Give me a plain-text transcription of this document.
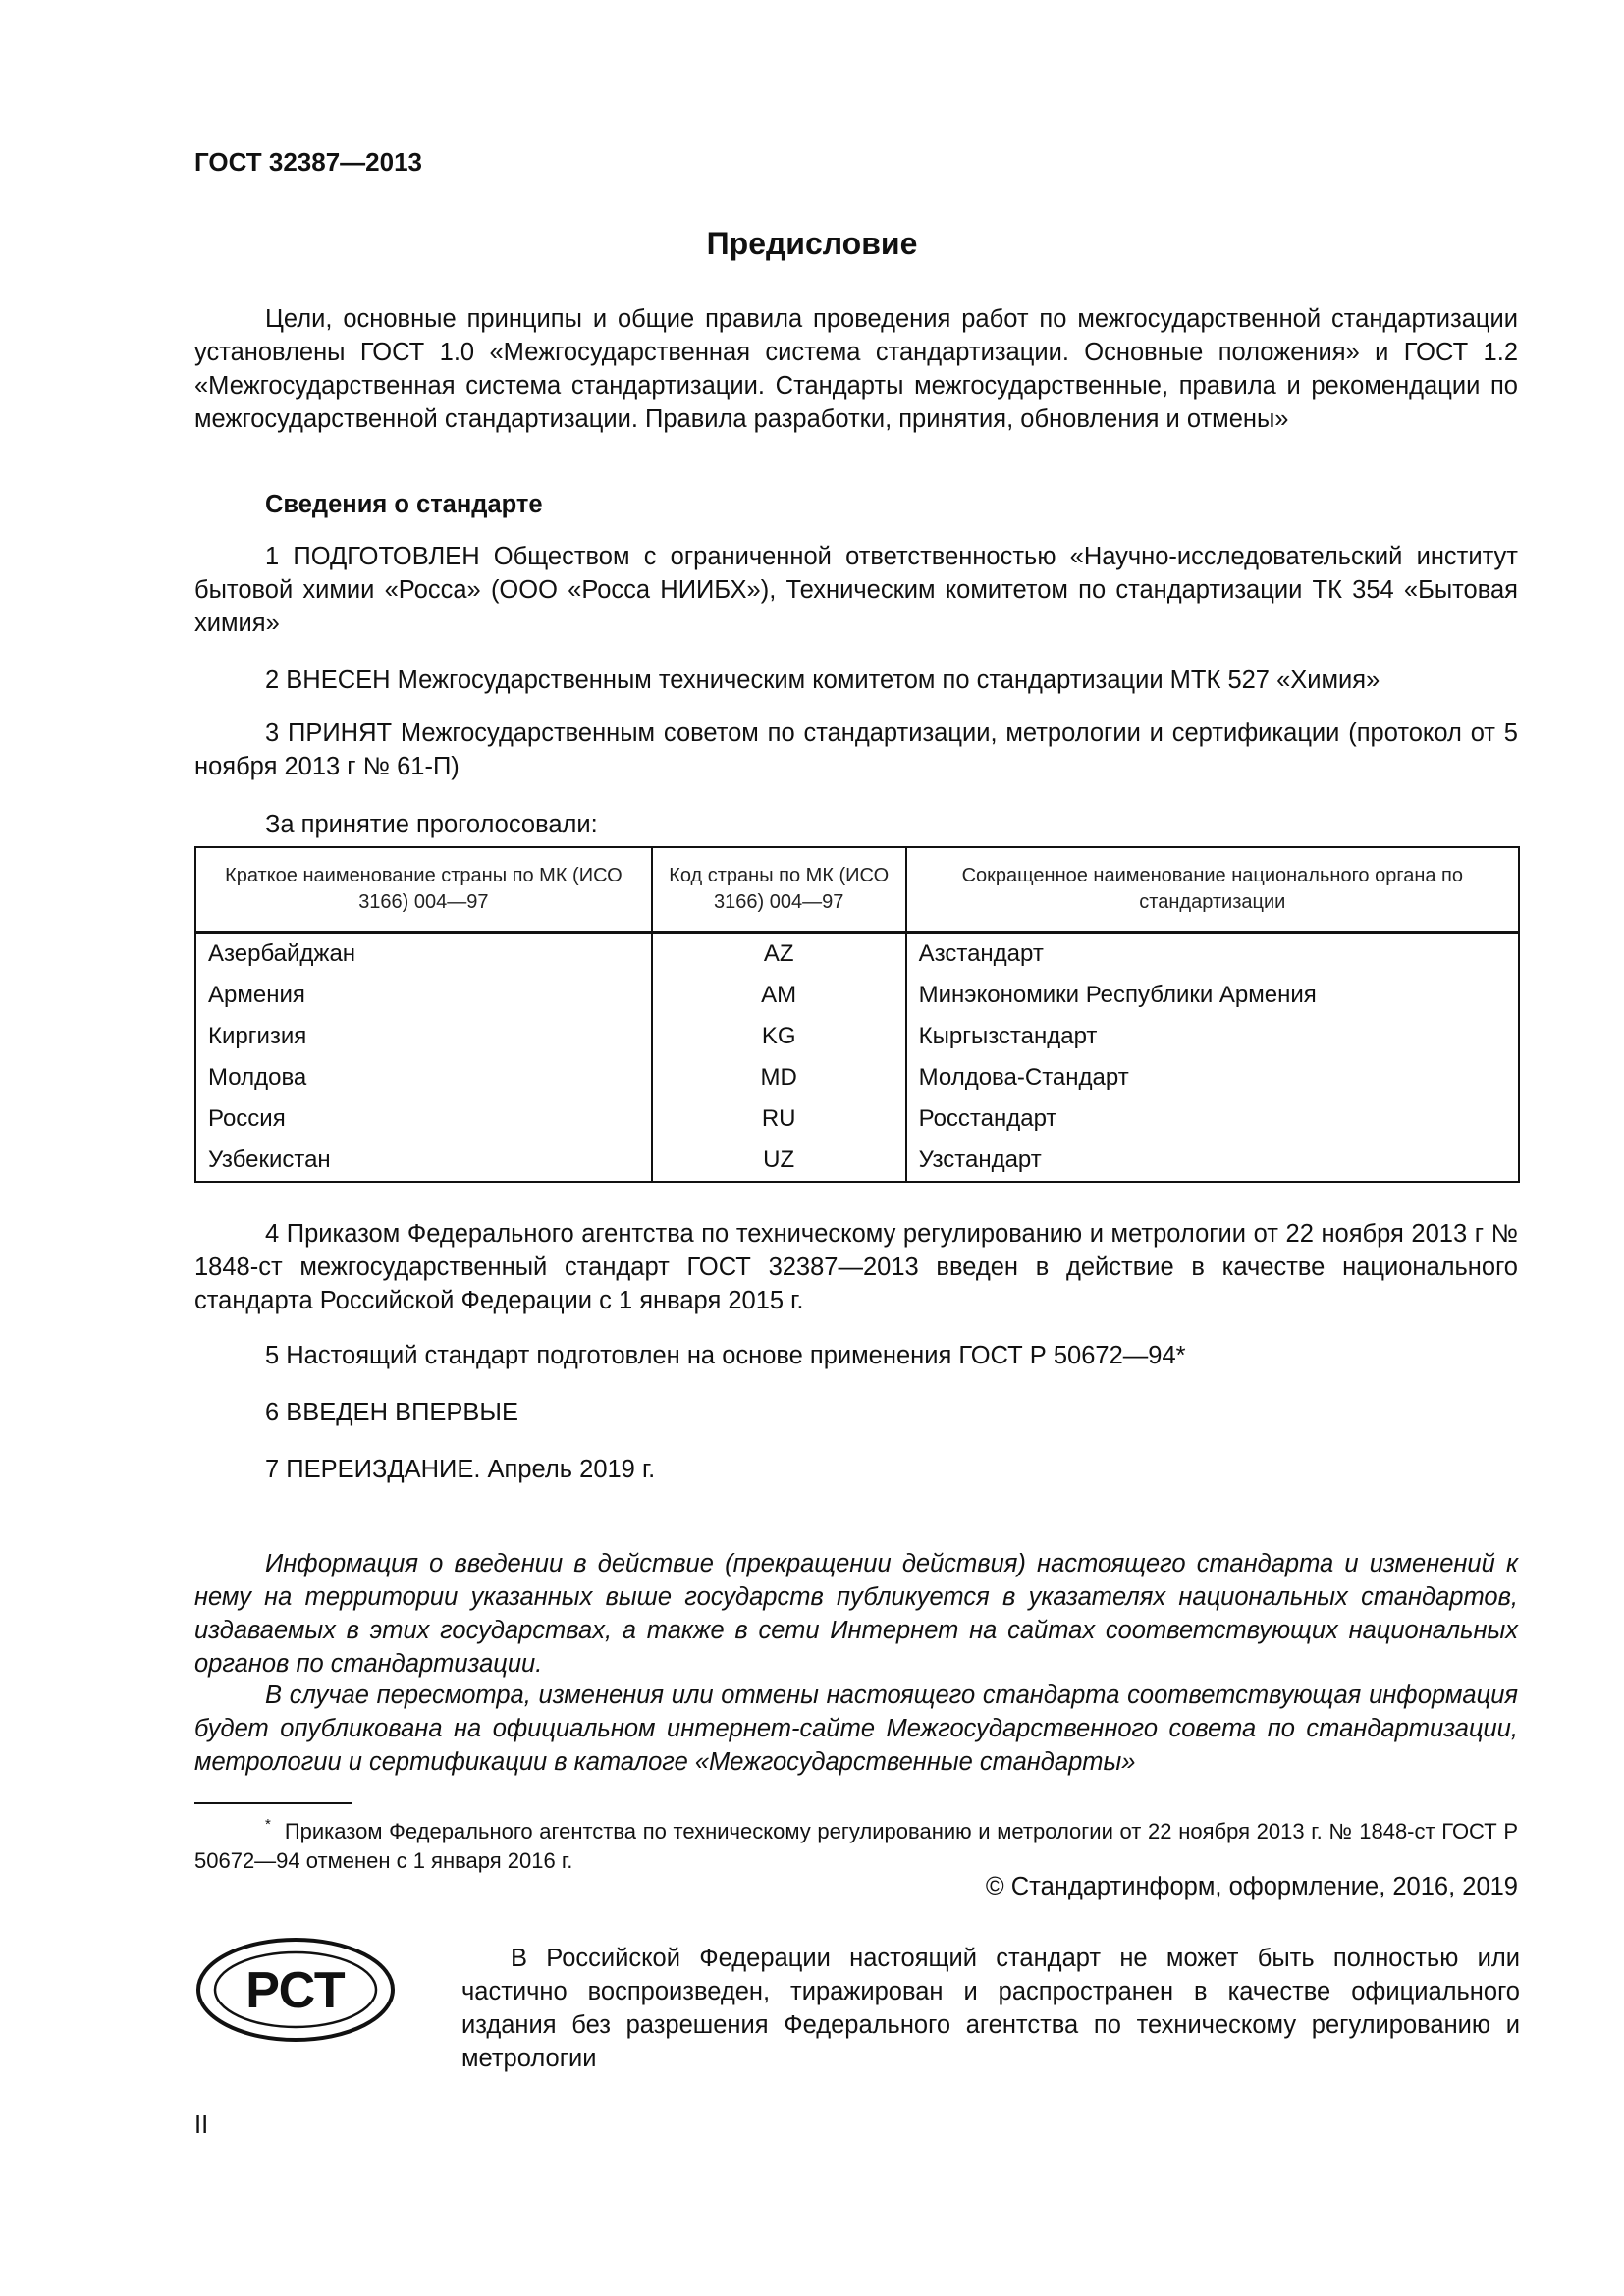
ГОСТ 32387—2013
Предисловие

Цели, основные принципы и общие правила проведения работ по межгосударственной стандартизации установлены ГОСТ 1.0 «Межгосударственная система стандартизации. Основные положения» и ГОСТ 1.2 «Межгосударственная система стандартизации. Стандарты межгосударственные, правила и рекомендации по межгосударственной стандартизации. Правила разработки, принятия, обновления и отмены»

Сведения о стандарте

1 ПОДГОТОВЛЕН Обществом с ограниченной ответственностью «Научно-исследовательский институт бытовой химии «Росса» (ООО «Росса НИИБХ»), Техническим комитетом по стандартизации ТК 354 «Бытовая химия»

2 ВНЕСЕН Межгосударственным техническим комитетом по стандартизации МТК 527 «Химия»

3 ПРИНЯТ Межгосударственным советом по стандартизации, метрологии и сертификации (протокол от 5 ноября 2013 г № 61-П)

За принятие проголосовали:
Краткое наименование страны по МК (ИСО 3166) 004—97	Код страны по МК (ИСО 3166) 004—97	Сокращенное наименование национального органа по стандартизации
Азербайджан	AZ	Азстандарт
Армения	AM	Минэкономики Республики Армения
Киргизия	KG	Кыргызстандарт
Молдова	MD	Молдова-Стандарт
Россия	RU	Росстандарт
Узбекистан	UZ	Узстандарт

4 Приказом Федерального агентства по техническому регулированию и метрологии от 22 ноября 2013 г № 1848-ст межгосударственный стандарт ГОСТ 32387—2013 введен в действие в качестве национального стандарта Российской Федерации с 1 января 2015 г.

5 Настоящий стандарт подготовлен на основе применения ГОСТ Р 50672—94*

6 ВВЕДЕН ВПЕРВЫЕ

7 ПЕРЕИЗДАНИЕ. Апрель 2019 г.

Информация о введении в действие (прекращении действия) настоящего стандарта и изменений к нему на территории указанных выше государств публикуется в указателях национальных стандартов, издаваемых в этих государствах, а также в сети Интернет на сайтах соответствующих национальных органов по стандартизации.

В случае пересмотра, изменения или отмены настоящего стандарта соответствующая информация будет опубликована на официальном интернет-сайте Межгосударственного совета по стандартизации, метрологии и сертификации в каталоге «Межгосударственные стандарты»

* Приказом Федерального агентства по техническому регулированию и метрологии от 22 ноября 2013 г. № 1848-ст ГОСТ Р 50672—94 отменен с 1 января 2016 г.

© Стандартинформ, оформление, 2016, 2019
РСТ

В Российской Федерации настоящий стандарт не может быть полностью или частично воспроизведен, тиражирован и распространен в качестве официального издания без разрешения Федерального агентства по техническому регулированию и метрологии

II
